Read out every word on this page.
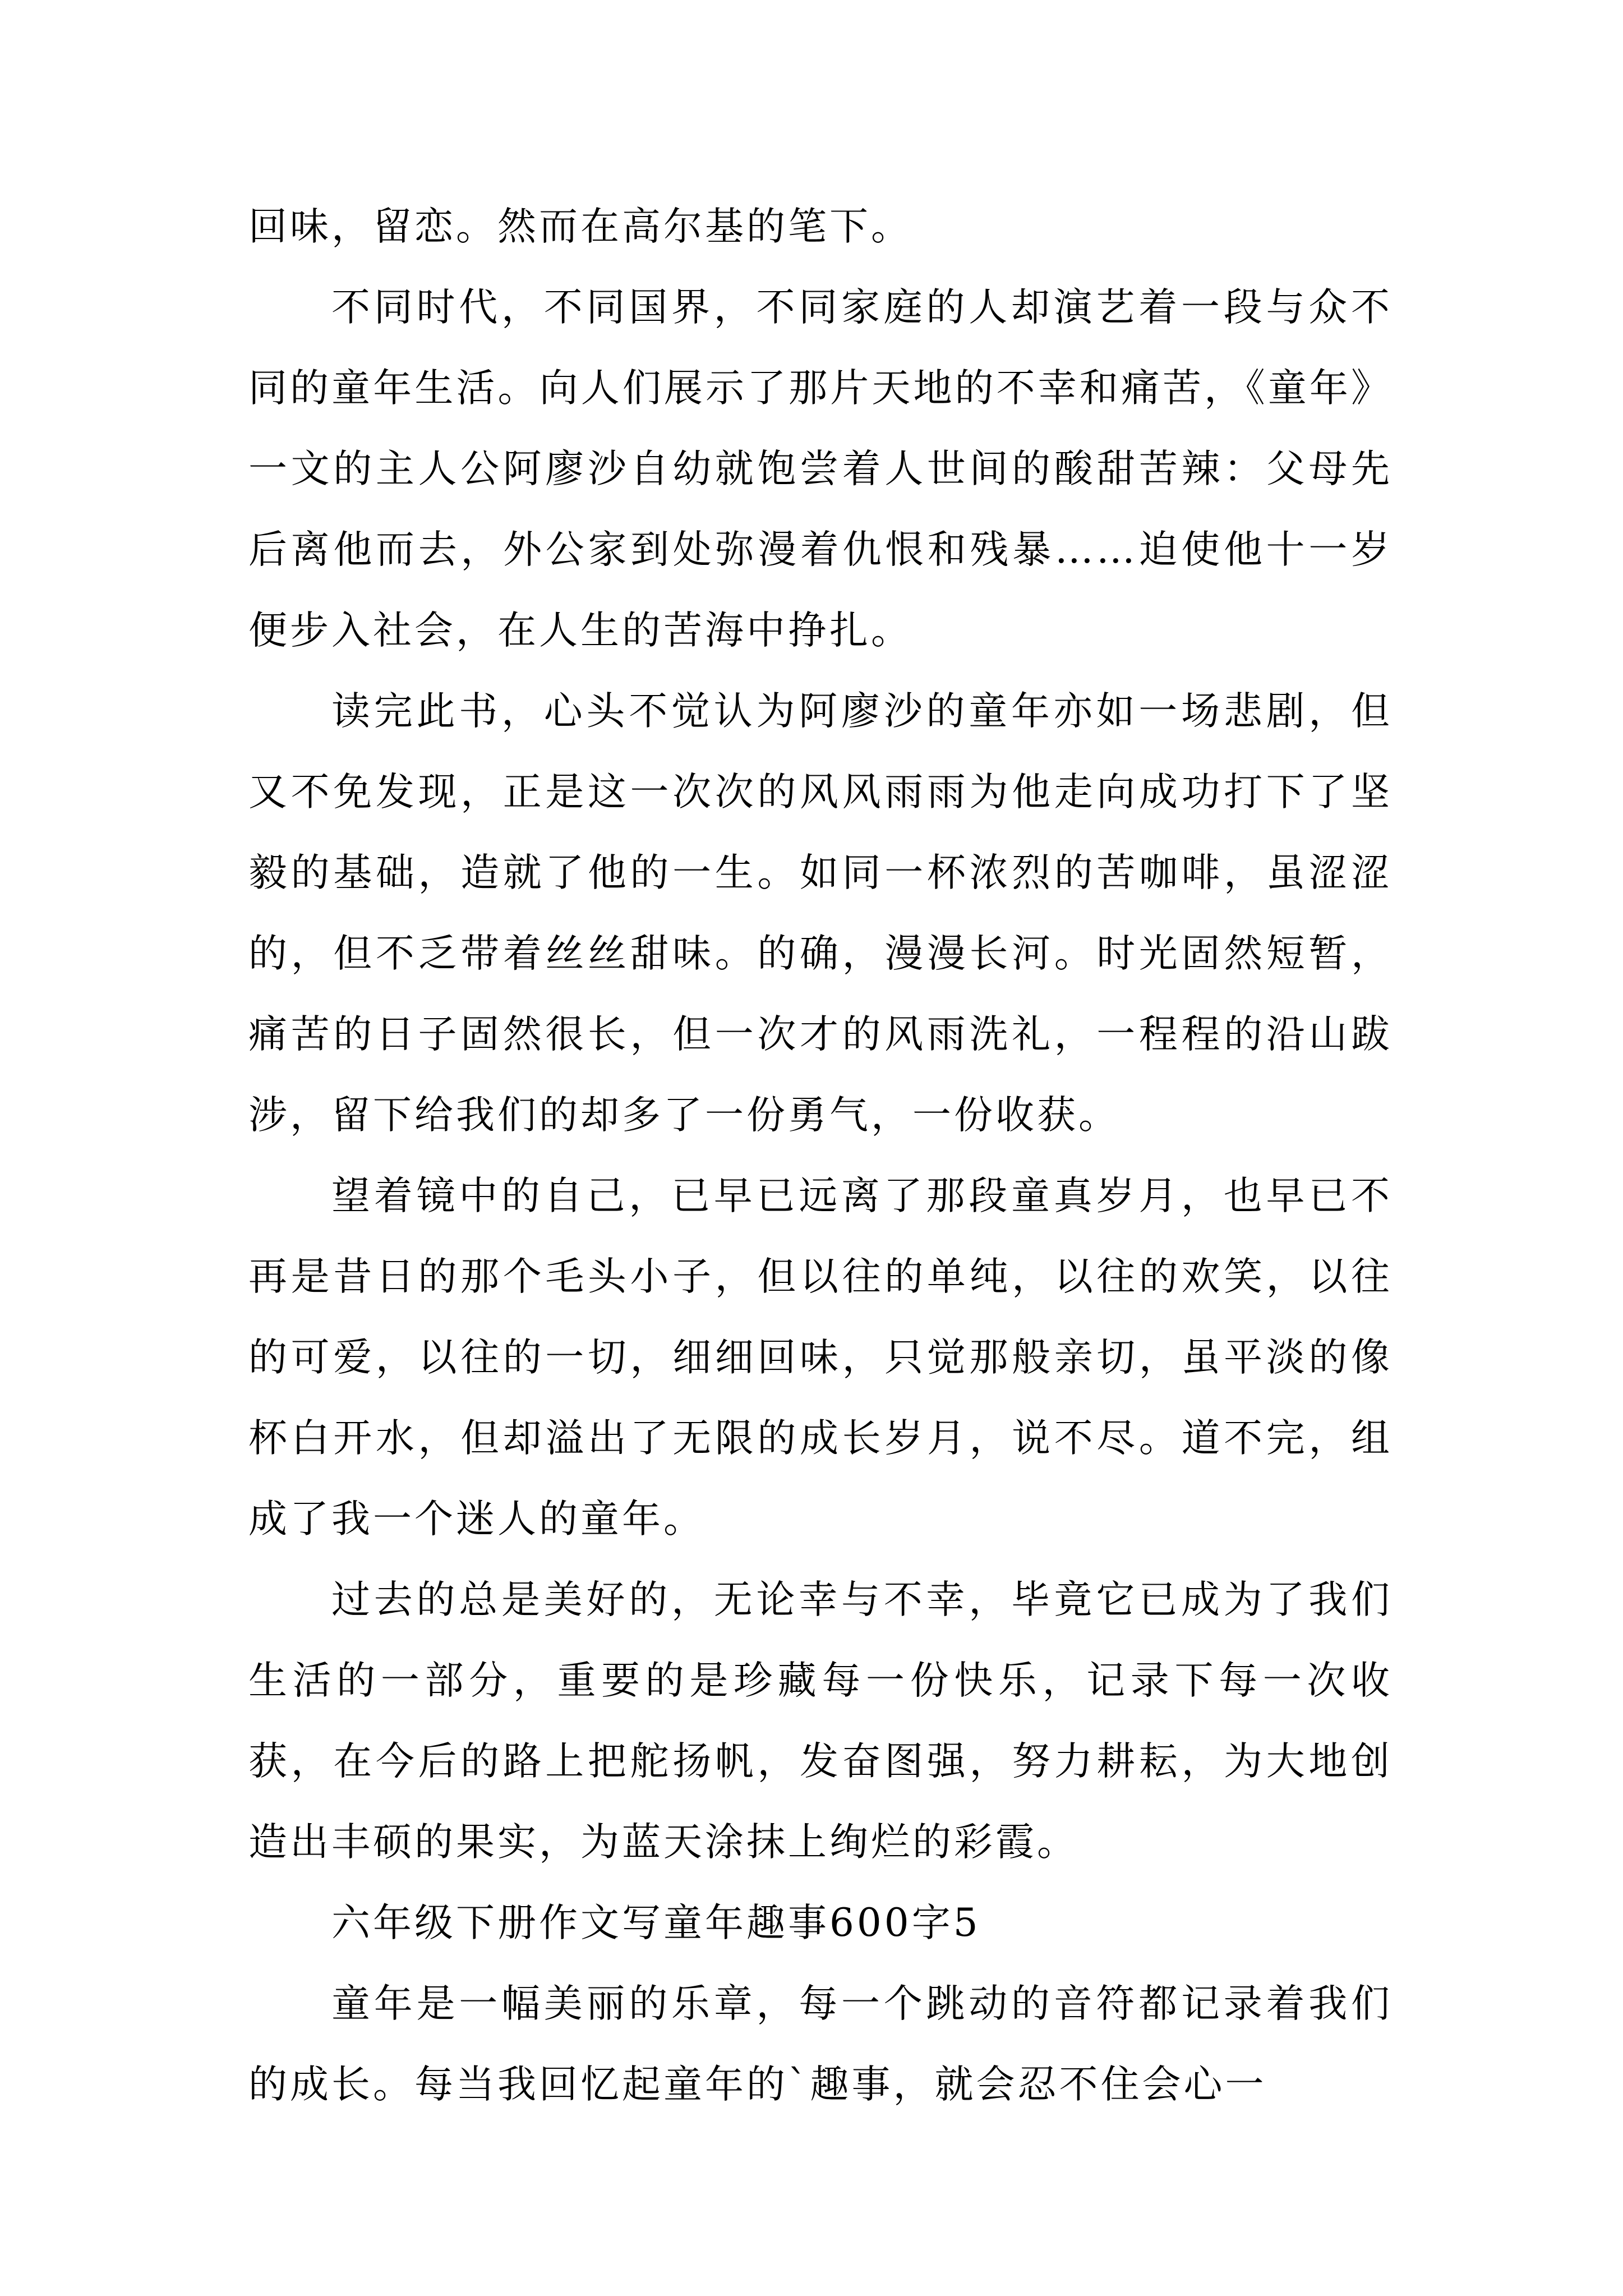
回味，留恋。然而在高尔基的笔下。

不同时代，不同国界，不同家庭的人却演艺着一段与众不同的童年生活。向人们展示了那片天地的不幸和痛苦，《童年》一文的主人公阿廖沙自幼就饱尝着人世间的酸甜苦辣：父母先后离他而去，外公家到处弥漫着仇恨和残暴……迫使他十一岁便步入社会，在人生的苦海中挣扎。

读完此书，心头不觉认为阿廖沙的童年亦如一场悲剧，但又不免发现，正是这一次次的风风雨雨为他走向成功打下了坚毅的基础，造就了他的一生。如同一杯浓烈的苦咖啡，虽涩涩的，但不乏带着丝丝甜味。的确，漫漫长河。时光固然短暂，痛苦的日子固然很长，但一次才的风雨洗礼，一程程的沿山跋涉，留下给我们的却多了一份勇气，一份收获。

望着镜中的自己，已早已远离了那段童真岁月，也早已不再是昔日的那个毛头小子，但以往的单纯，以往的欢笑，以往的可爱，以往的一切，细细回味，只觉那般亲切，虽平淡的像杯白开水，但却溢出了无限的成长岁月，说不尽。道不完，组成了我一个迷人的童年。

过去的总是美好的，无论幸与不幸，毕竟它已成为了我们生活的一部分，重要的是珍藏每一份快乐，记录下每一次收获，在今后的路上把舵扬帆，发奋图强，努力耕耘，为大地创造出丰硕的果实，为蓝天涂抹上绚烂的彩霞。

六年级下册作文写童年趣事600字5

童年是一幅美丽的乐章，每一个跳动的音符都记录着我们的成长。每当我回忆起童年的`趣事，就会忍不住会心一
